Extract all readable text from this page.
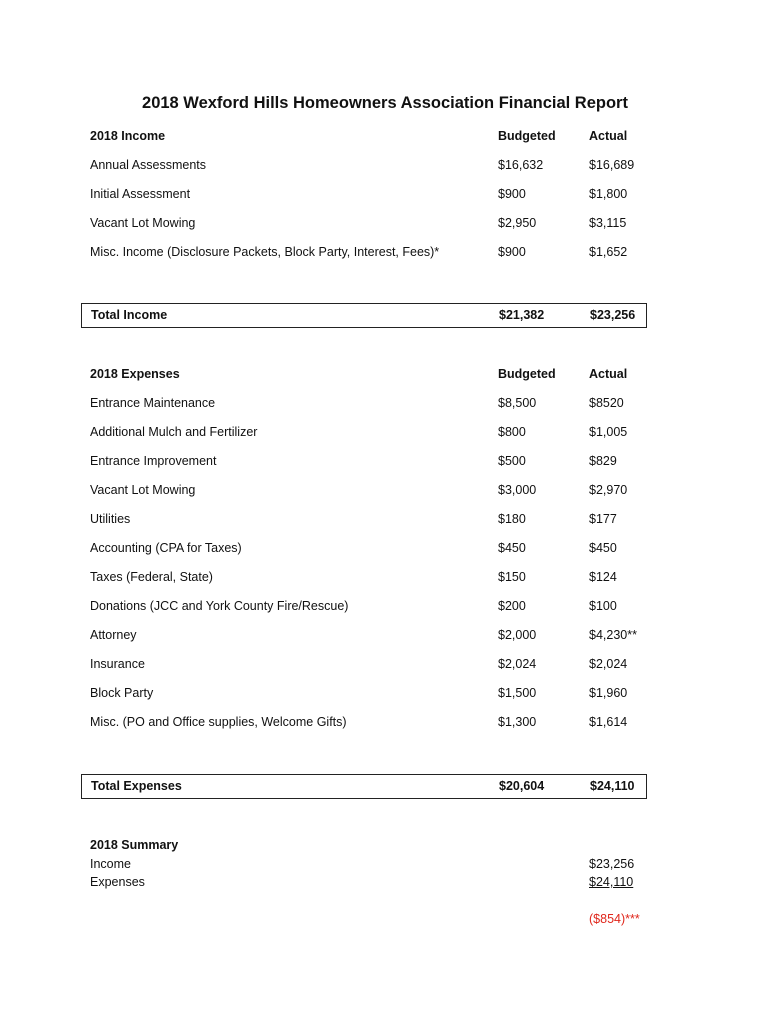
2018 Wexford Hills Homeowners Association Financial Report
2018 Income	Budgeted	Actual
Annual Assessments	$16,632	$16,689
Initial Assessment	$900	$1,800
Vacant Lot Mowing	$2,950	$3,115
Misc. Income (Disclosure Packets, Block Party, Interest, Fees)*	$900	$1,652
Total Income	$21,382	$23,256
2018 Expenses	Budgeted	Actual
Entrance Maintenance	$8,500	$8520
Additional Mulch and Fertilizer	$800	$1,005
Entrance Improvement	$500	$829
Vacant Lot Mowing	$3,000	$2,970
Utilities	$180	$177
Accounting (CPA for Taxes)	$450	$450
Taxes (Federal, State)	$150	$124
Donations (JCC and York County Fire/Rescue)	$200	$100
Attorney	$2,000	$4,230**
Insurance	$2,024	$2,024
Block Party	$1,500	$1,960
Misc. (PO and Office supplies, Welcome Gifts)	$1,300	$1,614
Total Expenses	$20,604	$24,110
2018 Summary
Income	$23,256
Expenses	$24,110
($854)***
